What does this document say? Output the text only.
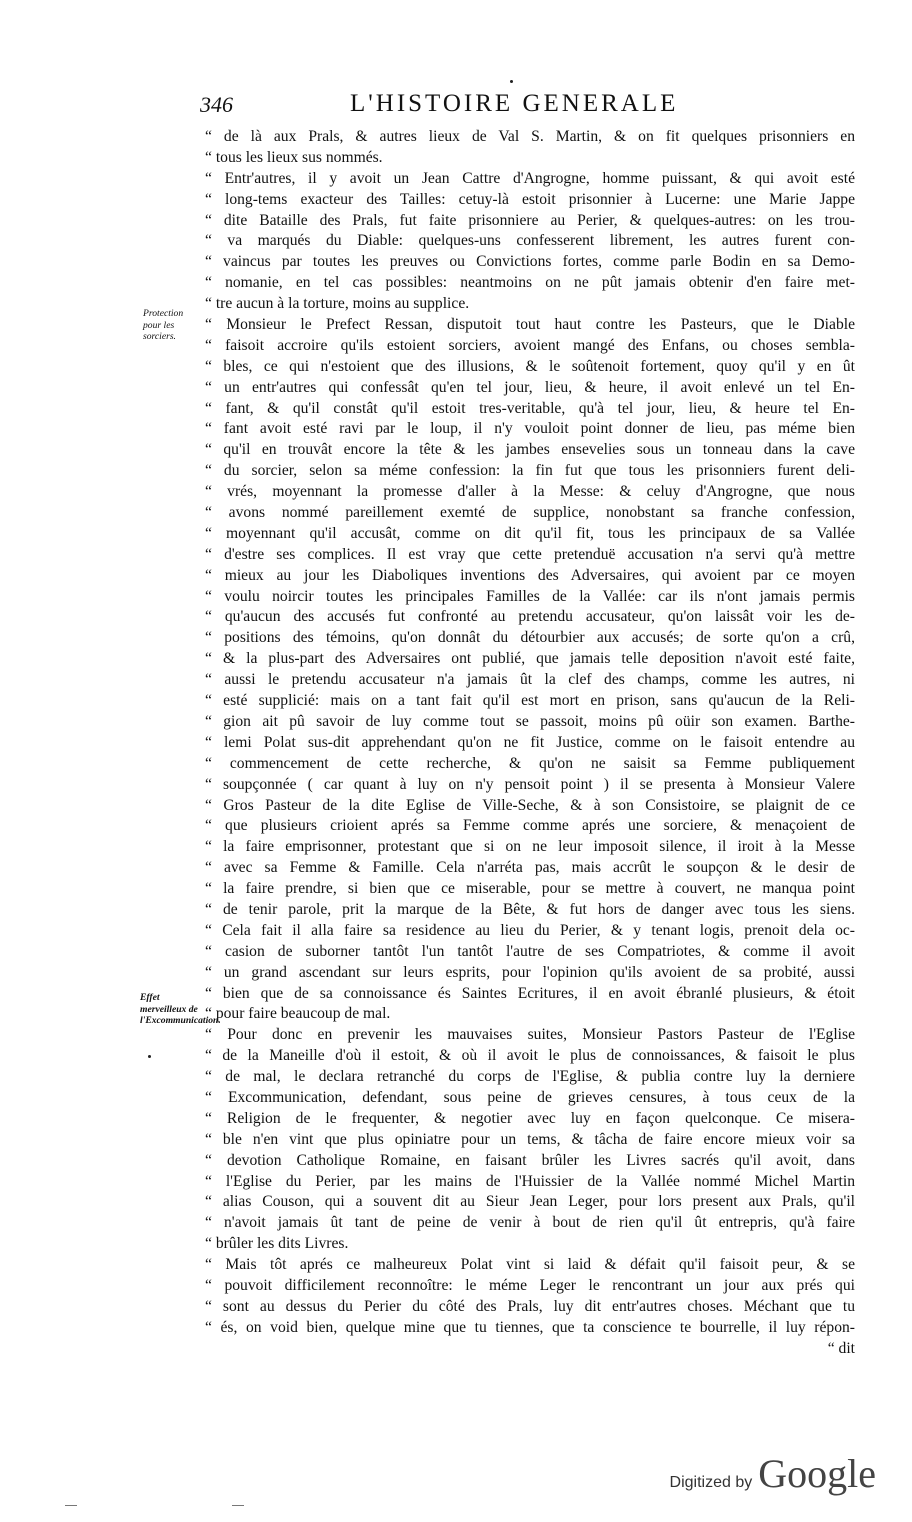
346	L'HISTOIRE GENERALE
Protection pour les sorciers.
Effet merveilleux de l'Excommunication.
“ de là aux Prals, & autres lieux de Val S. Martin, & on fit quelques prisonniers en
“ tous les lieux sus nommés.
“ Entr'autres, il y avoit un Jean Cattre d'Angrogne, homme puissant, & qui avoit esté
“ long-tems exacteur des Tailles: cetuy-là estoit prisonnier à Lucerne: une Marie Jappe
“ dite Bataille des Prals, fut faite prisonniere au Perier, & quelques-autres: on les trou-
“ va marqués du Diable: quelques-uns confesserent librement, les autres furent con-
“ vaincus par toutes les preuves ou Convictions fortes, comme parle Bodin en sa Demo-
“ nomanie, en tel cas possibles: neantmoins on ne pût jamais obtenir d'en faire met-
“ tre aucun à la torture, moins au supplice.
“ Monsieur le Prefect Ressan, disputoit tout haut contre les Pasteurs, que le Diable
“ faisoit accroire qu'ils estoient sorciers, avoient mangé des Enfans, ou choses sembla-
“ bles, ce qui n'estoient que des illusions, & le soûtenoit fortement, quoy qu'il y en ût
“ un entr'autres qui confessât qu'en tel jour, lieu, & heure, il avoit enlevé un tel En-
“ fant, & qu'il constât qu'il estoit tres-veritable, qu'à tel jour, lieu, & heure tel En-
“ fant avoit esté ravi par le loup, il n'y vouloit point donner de lieu, pas méme bien
“ qu'il en trouvât encore la tête & les jambes ensevelies sous un tonneau dans la cave
“ du sorcier, selon sa méme confession: la fin fut que tous les prisonniers furent deli-
“ vrés, moyennant la promesse d'aller à la Messe: & celuy d'Angrogne, que nous
“ avons nommé pareillement exemté de supplice, nonobstant sa franche confession,
“ moyennant qu'il accusât, comme on dit qu'il fit, tous les principaux de sa Vallée
“ d'estre ses complices. Il est vray que cette pretenduë accusation n'a servi qu'à mettre
“ mieux au jour les Diaboliques inventions des Adversaires, qui avoient par ce moyen
“ voulu noircir toutes les principales Familles de la Vallée: car ils n'ont jamais permis
“ qu'aucun des accusés fut confronté au pretendu accusateur, qu'on laissât voir les de-
“ positions des témoins, qu'on donnât du détourbier aux accusés; de sorte qu'on a crû,
“ & la plus-part des Adversaires ont publié, que jamais telle deposition n'avoit esté faite,
“ aussi le pretendu accusateur n'a jamais ût la clef des champs, comme les autres, ni
“ esté supplicié: mais on a tant fait qu'il est mort en prison, sans qu'aucun de la Reli-
“ gion ait pû savoir de luy comme tout se passoit, moins pû oüir son examen. Barthe-
“ lemi Polat sus-dit apprehendant qu'on ne fit Justice, comme on le faisoit entendre au
“ commencement de cette recherche, & qu'on ne saisit sa Femme publiquement
“ soupçonnée ( car quant à luy on n'y pensoit point ) il se presenta à Monsieur Valere
“ Gros Pasteur de la dite Eglise de Ville-Seche, & à son Consistoire, se plaignit de ce
“ que plusieurs crioient aprés sa Femme comme aprés une sorciere, & menaçoient de
“ la faire emprisonner, protestant que si on ne leur imposoit silence, il iroit à la Messe
“ avec sa Femme & Famille. Cela n'arréta pas, mais accrût le soupçon & le desir de
“ la faire prendre, si bien que ce miserable, pour se mettre à couvert, ne manqua point
“ de tenir parole, prit la marque de la Bête, & fut hors de danger avec tous les siens.
“ Cela fait il alla faire sa residence au lieu du Perier, & y tenant logis, prenoit dela oc-
“ casion de suborner tantôt l'un tantôt l'autre de ses Compatriotes, & comme il avoit
“ un grand ascendant sur leurs esprits, pour l'opinion qu'ils avoient de sa probité, aussi
“ bien que de sa connoissance és Saintes Ecritures, il en avoit ébranlé plusieurs, & étoit
“ pour faire beaucoup de mal.
“ Pour donc en prevenir les mauvaises suites, Monsieur Pastors Pasteur de l'Eglise
“ de la Maneille d'où il estoit, & où il avoit le plus de connoissances, & faisoit le plus
“ de mal, le declara retranché du corps de l'Eglise, & publia contre luy la derniere
“ Excommunication, defendant, sous peine de grieves censures, à tous ceux de la
“ Religion de le frequenter, & negotier avec luy en façon quelconque. Ce misera-
“ ble n'en vint que plus opiniatre pour un tems, & tâcha de faire encore mieux voir sa
“ devotion Catholique Romaine, en faisant brûler les Livres sacrés qu'il avoit, dans
“ l'Eglise du Perier, par les mains de l'Huissier de la Vallée nommé Michel Martin
“ alias Couson, qui a souvent dit au Sieur Jean Leger, pour lors present aux Prals, qu'il
“ n'avoit jamais ût tant de peine de venir à bout de rien qu'il ût entrepris, qu'à faire
“ brûler les dits Livres.
“ Mais tôt aprés ce malheureux Polat vint si laid & défait qu'il faisoit peur, & se
“ pouvoit difficilement reconnoître: le méme Leger le rencontrant un jour aux prés qui
“ sont au dessus du Perier du côté des Prals, luy dit entr'autres choses. Méchant que tu
“ és, on void bien, quelque mine que tu tiennes, que ta conscience te bourrelle, il luy répon-
“ dit
Digitized by Google
